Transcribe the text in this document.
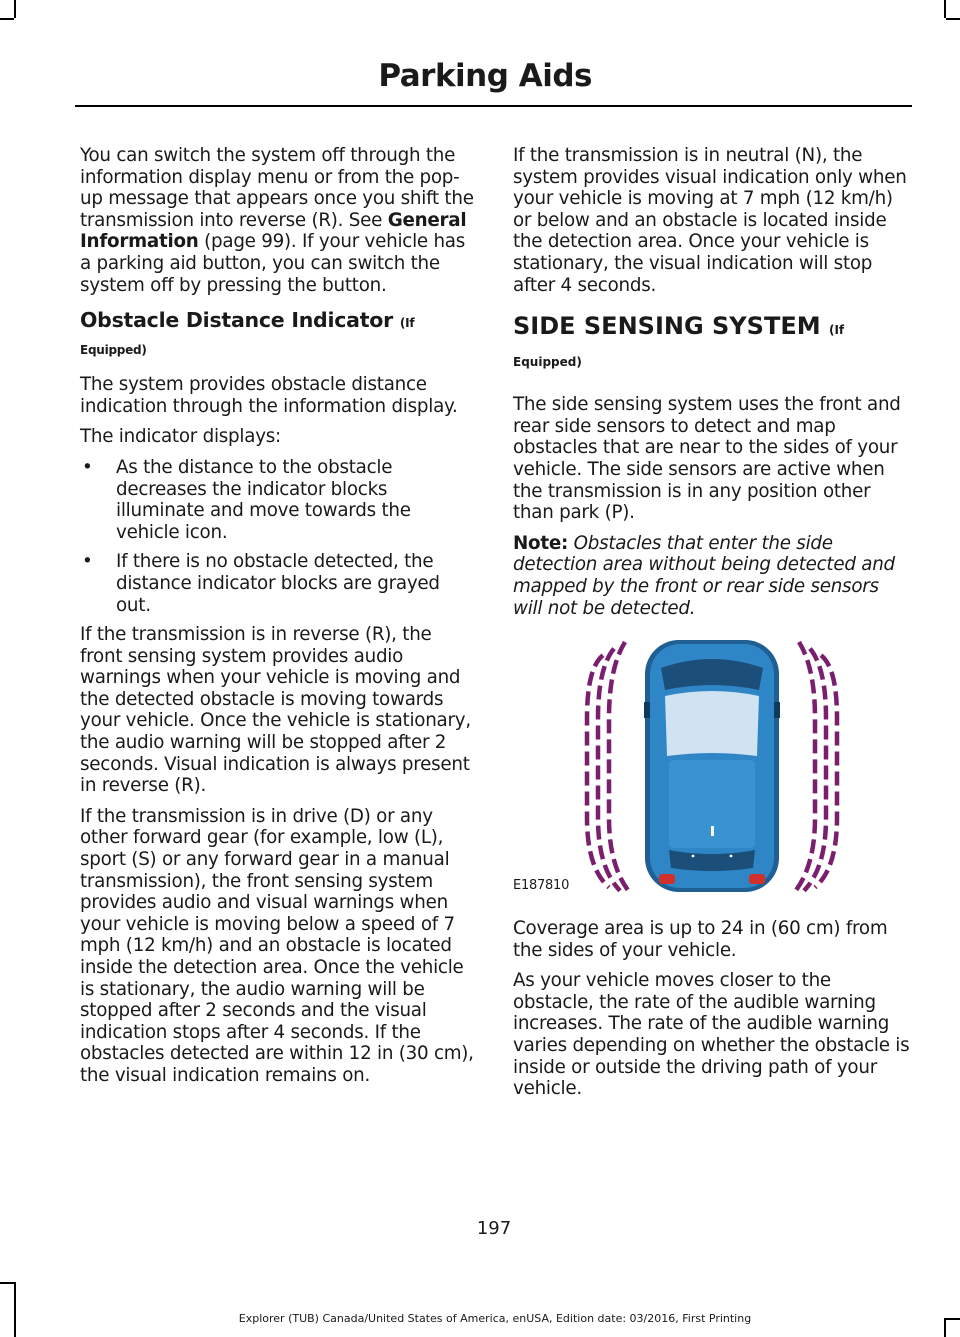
Parking Aids

You can switch the system off through the information display menu or from the pop-up message that appears once you shift the transmission into reverse (R). See General Information (page 99). If your vehicle has a parking aid button, you can switch the system off by pressing the button.

Obstacle Distance Indicator (If Equipped)

The system provides obstacle distance indication through the information display.

The indicator displays:

• As the distance to the obstacle decreases the indicator blocks illuminate and move towards the vehicle icon.
• If there is no obstacle detected, the distance indicator blocks are grayed out.

If the transmission is in reverse (R), the front sensing system provides audio warnings when your vehicle is moving and the detected obstacle is moving towards your vehicle. Once the vehicle is stationary, the audio warning will be stopped after 2 seconds. Visual indication is always present in reverse (R).

If the transmission is in drive (D) or any other forward gear (for example, low (L), sport (S) or any forward gear in a manual transmission), the front sensing system provides audio and visual warnings when your vehicle is moving below a speed of 7 mph (12 km/h) and an obstacle is located inside the detection area. Once the vehicle is stationary, the audio warning will be stopped after 2 seconds and the visual indication stops after 4 seconds. If the obstacles detected are within 12 in (30 cm), the visual indication remains on.

If the transmission is in neutral (N), the system provides visual indication only when your vehicle is moving at 7 mph (12 km/h) or below and an obstacle is located inside the detection area. Once your vehicle is stationary, the visual indication will stop after 4 seconds.

SIDE SENSING SYSTEM (If Equipped)

The side sensing system uses the front and rear side sensors to detect and map obstacles that are near to the sides of your vehicle. The side sensors are active when the transmission is in any position other than park (P).

Note: Obstacles that enter the side detection area without being detected and mapped by the front or rear side sensors will not be detected.

E187810

Coverage area is up to 24 in (60 cm) from the sides of your vehicle.

As your vehicle moves closer to the obstacle, the rate of the audible warning increases. The rate of the audible warning varies depending on whether the obstacle is inside or outside the driving path of your vehicle.

197
Explorer (TUB) Canada/United States of America, enUSA, Edition date: 03/2016, First Printing
